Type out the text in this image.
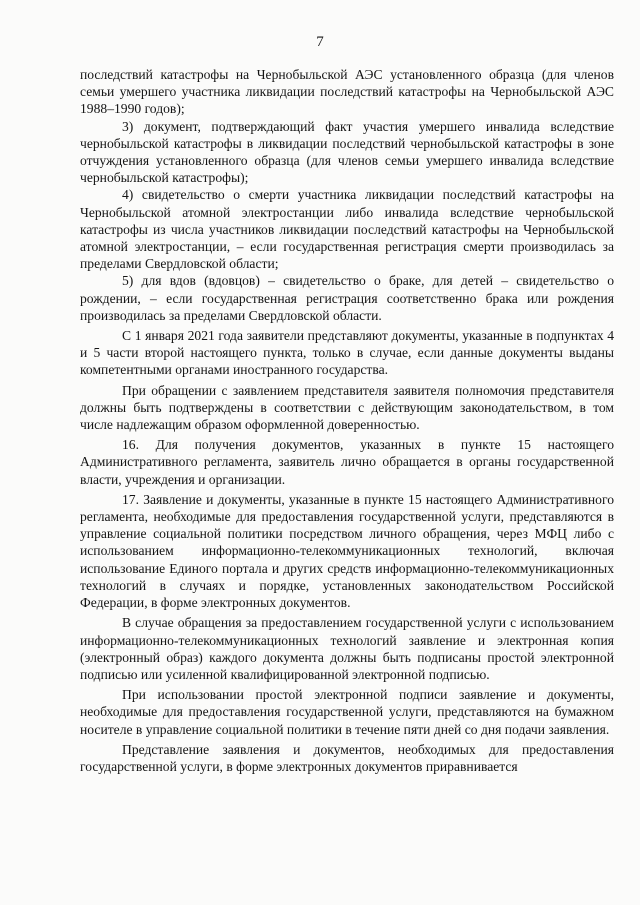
7

последствий катастрофы на Чернобыльской АЭС установленного образца (для членов семьи умершего участника ликвидации последствий катастрофы на Чернобыльской АЭС 1988–1990 годов);

3) документ, подтверждающий факт участия умершего инвалида вследствие чернобыльской катастрофы в ликвидации последствий чернобыльской катастрофы в зоне отчуждения установленного образца (для членов семьи умершего инвалида вследствие чернобыльской катастрофы);

4) свидетельство о смерти участника ликвидации последствий катастрофы на Чернобыльской атомной электростанции либо инвалида вследствие чернобыльской катастрофы из числа участников ликвидации последствий катастрофы на Чернобыльской атомной электростанции, – если государственная регистрация смерти производилась за пределами Свердловской области;

5) для вдов (вдовцов) – свидетельство о браке, для детей – свидетельство о рождении, – если государственная регистрация соответственно брака или рождения производилась за пределами Свердловской области.

С 1 января 2021 года заявители представляют документы, указанные в подпунктах 4 и 5 части второй настоящего пункта, только в случае, если данные документы выданы компетентными органами иностранного государства.

При обращении с заявлением представителя заявителя полномочия представителя должны быть подтверждены в соответствии с действующим законодательством, в том числе надлежащим образом оформленной доверенностью.

16. Для получения документов, указанных в пункте 15 настоящего Административного регламента, заявитель лично обращается в органы государственной власти, учреждения и организации.

17. Заявление и документы, указанные в пункте 15 настоящего Административного регламента, необходимые для предоставления государственной услуги, представляются в управление социальной политики посредством личного обращения, через МФЦ либо с использованием информационно-телекоммуникационных технологий, включая использование Единого портала и других средств информационно-телекоммуникационных технологий в случаях и порядке, установленных законодательством Российской Федерации, в форме электронных документов.

В случае обращения за предоставлением государственной услуги с использованием информационно-телекоммуникационных технологий заявление и электронная копия (электронный образ) каждого документа должны быть подписаны простой электронной подписью или усиленной квалифицированной электронной подписью.

При использовании простой электронной подписи заявление и документы, необходимые для предоставления государственной услуги, представляются на бумажном носителе в управление социальной политики в течение пяти дней со дня подачи заявления.

Представление заявления и документов, необходимых для предоставления государственной услуги, в форме электронных документов приравнивается
